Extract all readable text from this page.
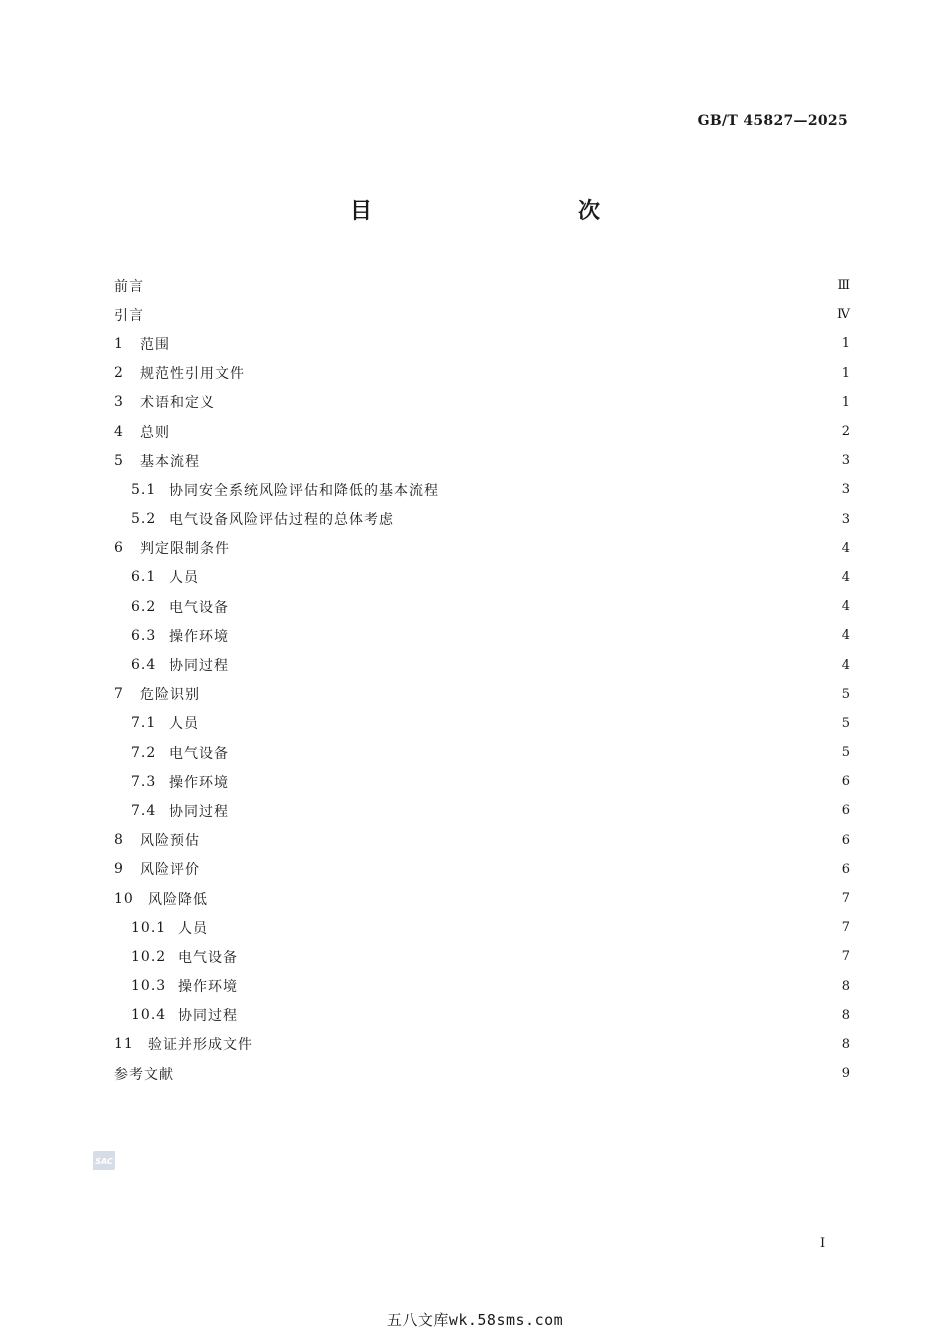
GB/T 45827—2025
目　　次
前言	Ⅲ
引言	Ⅳ
1	范围	1
2	规范性引用文件	1
3	术语和定义	1
4	总则	2
5	基本流程	3
5.1 协同安全系统风险评估和降低的基本流程	3
5.2 电气设备风险评估过程的总体考虑	3
6	判定限制条件	4
6.1 人员	4
6.2 电气设备	4
6.3 操作环境	4
6.4 协同过程	4
7	危险识别	5
7.1 人员	5
7.2 电气设备	5
7.3 操作环境	6
7.4 协同过程	6
8	风险预估	6
9	风险评价	6
10	风险降低	7
10.1 人员	7
10.2 电气设备	7
10.3 操作环境	8
10.4 协同过程	8
11	验证并形成文件	8
参考文献	9
SAC
I
五八文库wk.58sms.com
